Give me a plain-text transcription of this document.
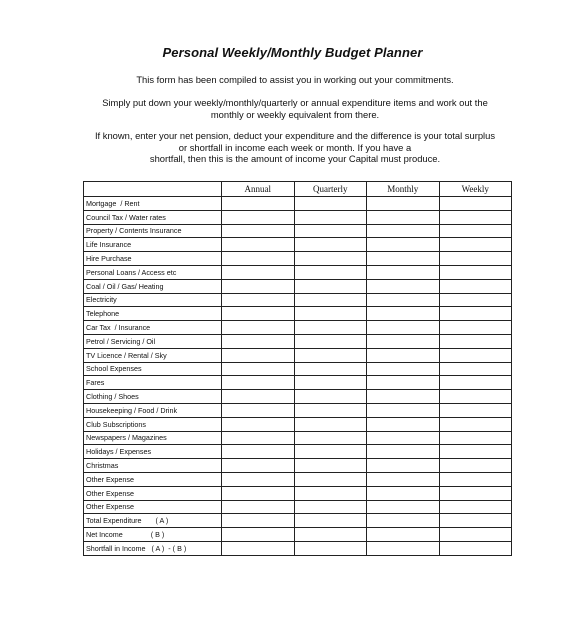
Personal Weekly/Monthly Budget Planner

This form has been compiled to assist you in working out your commitments.

Simply put down your weekly/monthly/quarterly or annual expenditure items and work out the
monthly or weekly equivalent from there.

If known, enter your net pension, deduct your expenditure and the difference is your total surplus
or shortfall in income each week or month. If you have a
shortfall, then this is the amount of income your Capital must produce.

	Annual	Quarterly	Monthly	Weekly
Mortgage  / Rent				
Council Tax / Water rates				
Property / Contents Insurance				
Life Insurance				
Hire Purchase				
Personal Loans / Access etc				
Coal / Oil / Gas/ Heating				
Electricity				
Telephone				
Car Tax  / Insurance				
Petrol / Servicing / Oil				
TV Licence / Rental / Sky				
School Expenses				
Fares				
Clothing / Shoes				
Housekeeping / Food / Drink				
Club Subscriptions				
Newspapers / Magazines				
Holidays / Expenses				
Christmas				
Other Expense				
Other Expense				
Other Expense				
Total Expenditure       ( A )				
Net Income              ( B )				
Shortfall in Income   ( A )  - ( B )				
